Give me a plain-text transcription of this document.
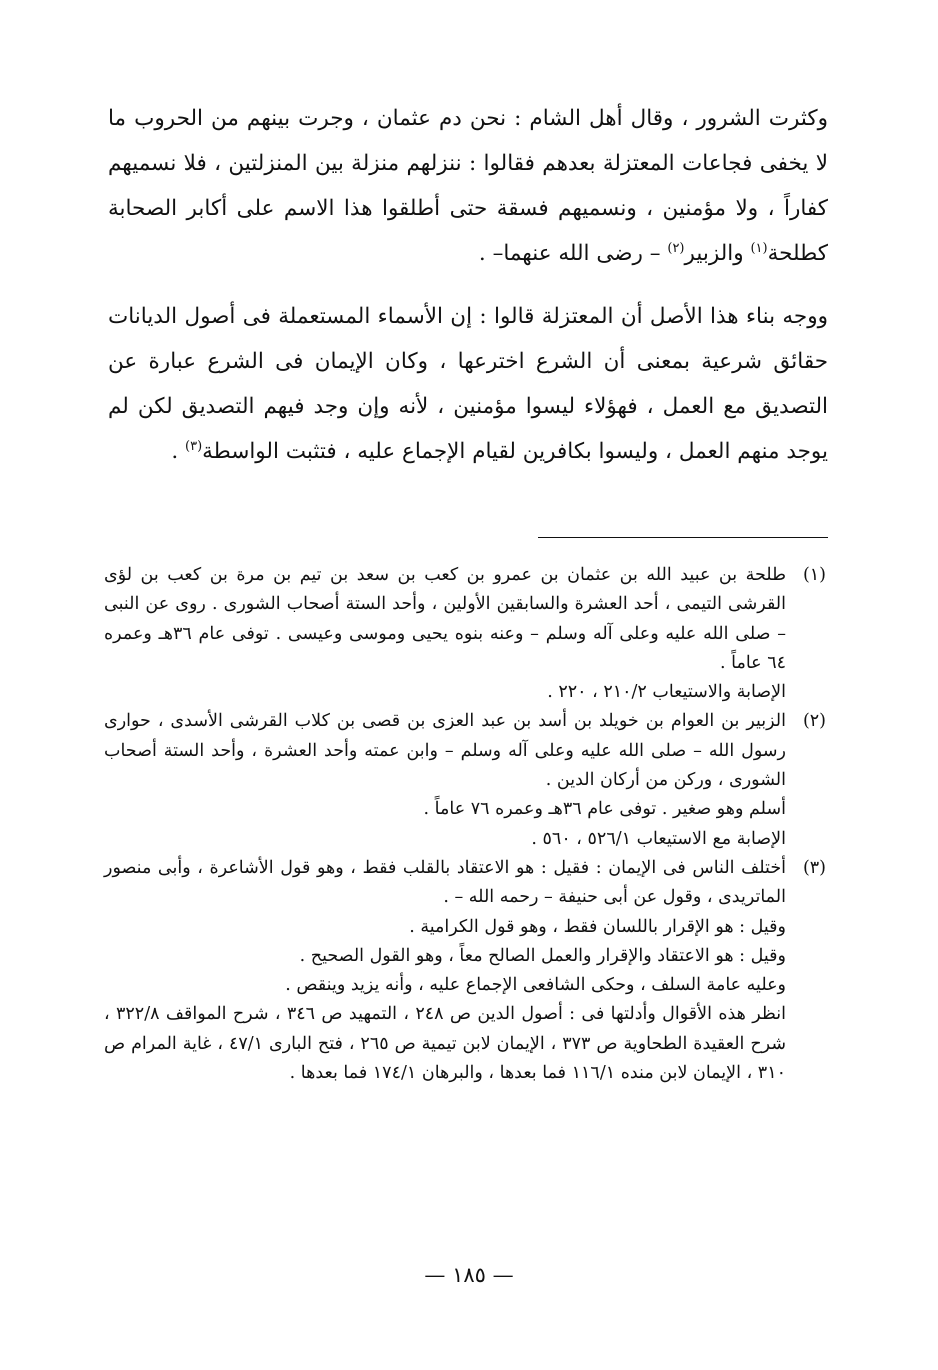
وكثرت الشرور ، وقال أهل الشام : نحن دم عثمان ، وجرت بينهم من الحروب ما لا يخفى فجاعات المعتزلة بعدهم فقالوا : ننزلهم منزلة بين المنزلتين ، فلا نسميهم كفاراً ، ولا مؤمنين ، ونسميهم فسقة حتى أطلقوا هذا الاسم على أكابر الصحابة كطلحة$^{(١)}$ والزبير$^{(٢)}$ – رضى الله عنهما– .

ووجه بناء هذا الأصل أن المعتزلة قالوا : إن الأسماء المستعملة فى أصول الديانات حقائق شرعية بمعنى أن الشرع اخترعها ، وكان الإيمان فى الشرع عبارة عن التصديق مع العمل ، فهؤلاء ليسوا مؤمنين ، لأنه وإن وجد فيهم التصديق لكن لم يوجد منهم العمل ، وليسوا بكافرين لقيام الإجماع عليه ، فتثبت الواسطة$^{(٣)}$ .

(١)
طلحة بن عبيد الله بن عثمان بن عمرو بن كعب بن سعد بن تيم بن مرة بن كعب بن لؤى القرشى التيمى ، أحد العشرة والسابقين الأولين ، وأحد الستة أصحاب الشورى . روى عن النبى – صلى الله عليه وعلى آله وسلم – وعنه بنوه يحيى وموسى وعيسى . توفى عام ٣٦هـ وعمره ٦٤ عاماً .
الإصابة والاستيعاب ٢١٠/٢ ، ٢٢٠ .
(٢)
الزبير بن العوام بن خويلد بن أسد بن عبد العزى بن قصى بن كلاب القرشى الأسدى ، حوارى رسول الله – صلى الله عليه وعلى آله وسلم – وابن عمته وأحد العشرة ، وأحد الستة أصحاب الشورى ، وركن من أركان الدين .
أسلم وهو صغير . توفى عام ٣٦هـ وعمره ٧٦ عاماً .
الإصابة مع الاستيعاب ٥٢٦/١ ، ٥٦٠ .
(٣)
أختلف الناس فى الإيمان : فقيل : هو الاعتقاد بالقلب فقط ، وهو قول الأشاعرة ، وأبى منصور الماتريدى ، وقول عن أبى حنيفة – رحمه الله – .
وقيل : هو الإقرار باللسان فقط ، وهو قول الكرامية .
وقيل : هو الاعتقاد والإقرار والعمل الصالح معاً ، وهو القول الصحيح .
وعليه عامة السلف ، وحكى الشافعى الإجماع عليه ، وأنه يزيد وينقص .
انظر هذه الأقوال وأدلتها فى : أصول الدين ص ٢٤٨ ، التمهيد ص ٣٤٦ ، شرح المواقف ٣٢٢/٨ ، شرح العقيدة الطحاوية ص ٣٧٣ ، الإيمان لابن تيمية ص ٢٦٥ ، فتح البارى ٤٧/١ ، غاية المرام ص ٣١٠ ، الإيمان لابن منده ١١٦/١ فما بعدها ، والبرهان ١٧٤/١ فما بعدها .
— ١٨٥ —
